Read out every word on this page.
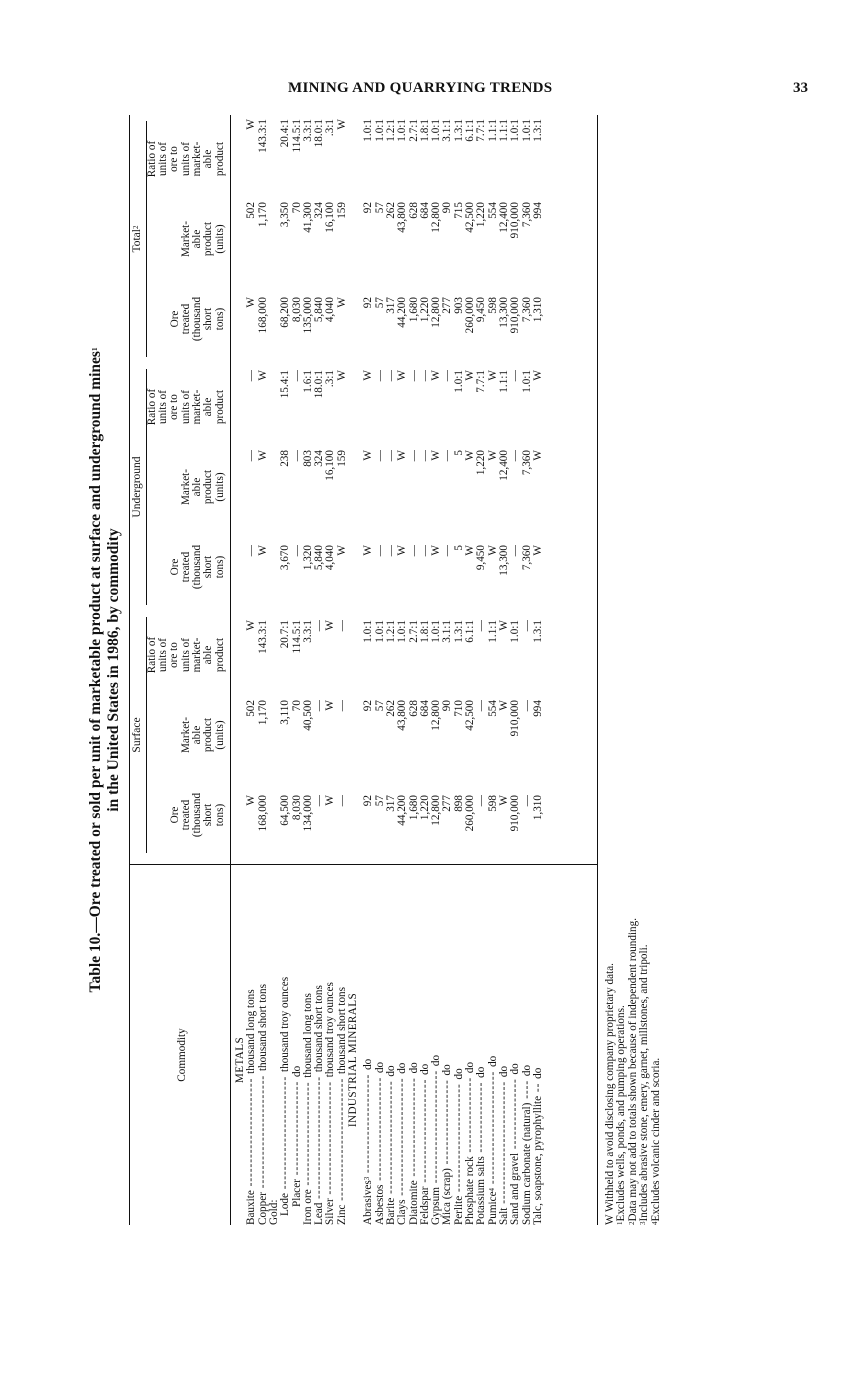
MINING AND QUARRYING TRENDS	33
Table 10.—Ore treated or sold per unit of marketable product at surface and underground mines$^1$
in the United States in 1986, by commodity Surface
Underground
Total$^2$
Commodity
Ore treated (thousand short tons)
Market- able product (units)
Ratio of units of ore to units of market- able product
Ore treated (thousand short tons)
Market- able product (units)
Ratio of units of ore to units of market- able product
Ore treated (thousand short tons)
Market- able product (units)
Ratio of units of ore to units of market- able product
METALS
Bauxite ----------------------- thousand long tons
W
502
W
—
—
—
W
502
W
Copper ------------------------ thousand short tons
168,000
1,170
143.3:1
W
W
W
168,000
1,170
143.3:1
Gold: Lode ------------------------ thousand troy ounces
64,500
3,110
20.7:1
3,670
238
15.4:1
68,200
3,350
20.4:1
Placer -------------------- do
8,030
70
114.5:1
—
—
—
8,030
70
114.5:1
Iron ore ---------------------- thousand long tons
134,000
40,500
3.3:1
1,320
803
1.6:1
135,000
41,300
3.3:1
Lead -------------------------- thousand short tons
—
—
—
5,840
324
18.0:1
5,840
324
18.0:1
Silver ------------------------ thousand troy ounces
W
W
W
4,040
16,100
.3:1
4,040
16,100
.3:1
Zinc -------------------------- thousand short tons
—
—
—
W
159
W
W
159
W
INDUSTRIAL MINERALS
Abrasives$^3$ --------------------- do
92
92
1.0:1
W
W
W
92
92
1.0:1
Asbestos ---------------------- do
57
57
1.0:1
—
—
—
57
57
1.0:1
Barite ------------------------ do
317
262
1.2:1
—
—
—
317
262
1.2:1
Clays ------------------------- do
44,200
43,800
1.0:1
W
W
W
44,200
43,800
1.0:1
Diatomite --------------------- do
1,680
628
2.7:1
—
—
—
1,680
628
2.7:1
Feldspar ---------------------- do
1,220
684
1.8:1
—
—
—
1,220
684
1.8:1
Gypsum ------------------------ do
12,800
12,800
1.0:1
W
W
W
12,800
12,800
1.0:1
Mica (scrap) ------------------ do
277
90
3.1:1
—
—
—
277
90
3.1:1
Perlite ----------------------- do
898
710
1.3:1
5
5
1.0:1
903
715
1.3:1
Phosphate rock ---------------- do
260,000
42,500
6.1:1
W
W
W
260,000
42,500
6.1:1
Potassium salts --------------- do
—
—
—
9,450
1,220
7.7:1
9,450
1,220
7.7:1
Pumice$^4$ ------------------------ do
598
554
1.1:1
W
W
W
598
554
1.1:1
Salt -------------------------- do
W
W
W
13,300
12,400
1.1:1
13,300
12,400
1.1:1
Sand and gravel --------------- do
910,000
910,000
1.0:1
—
—
—
910,000
910,000
1.0:1
Sodium carbonate (natural) ---- do
—
—
—
7,360
7,360
1.0:1
7,360
7,360
1.0:1
Talc, soapstone, pyrophyllite -- do
1,310
994
1.3:1
W
W
W
1,310
994
1.3:1
W Withheld to avoid disclosing company proprietary data. $^1$Excludes wells, ponds, and pumping operations.
$^2$Data may not add to totals shown because of independent rounding.
$^3$Includes abrasive stone, emery, garnet, millstones, and tripoli.
$^4$Excludes volcanic cinder and scoria.
